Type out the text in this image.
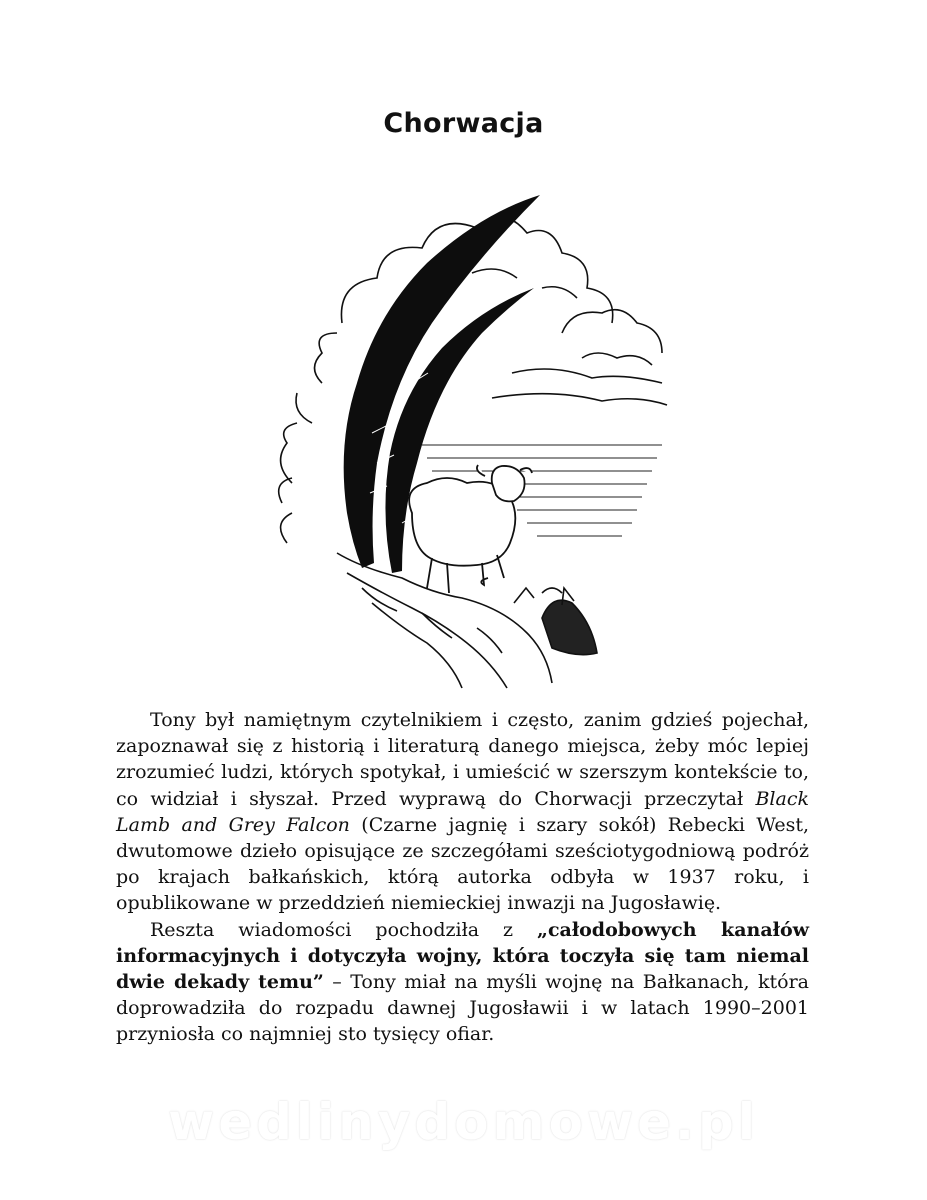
Chorwacja

Tony był namiętnym czytelnikiem i często, zanim gdzieś pojechał, zapoznawał się z historią i literaturą danego miejsca, żeby móc lepiej zrozumieć ludzi, których spotykał, i umieścić w szerszym kontekście to, co widział i słyszał. Przed wyprawą do Chorwacji przeczytał Black Lamb and Grey Falcon (Czarne jagnię i szary sokół) Rebecki West, dwutomowe dzieło opisujące ze szczegółami sześciotygodniową podróż po krajach bałkańskich, którą autorka odbyła w 1937 roku, i opublikowane w przeddzień niemieckiej inwazji na Jugosławię.

Reszta wiadomości pochodziła z „całodobowych kanałów informacyjnych i dotyczyła wojny, która toczyła się tam niemal dwie dekady temu” – Tony miał na myśli wojnę na Bałkanach, która doprowadziła do rozpadu dawnej Jugosławii i w latach 1990–2001 przyniosła co najmniej sto tysięcy ofiar.

wedlinydomowe.pl
